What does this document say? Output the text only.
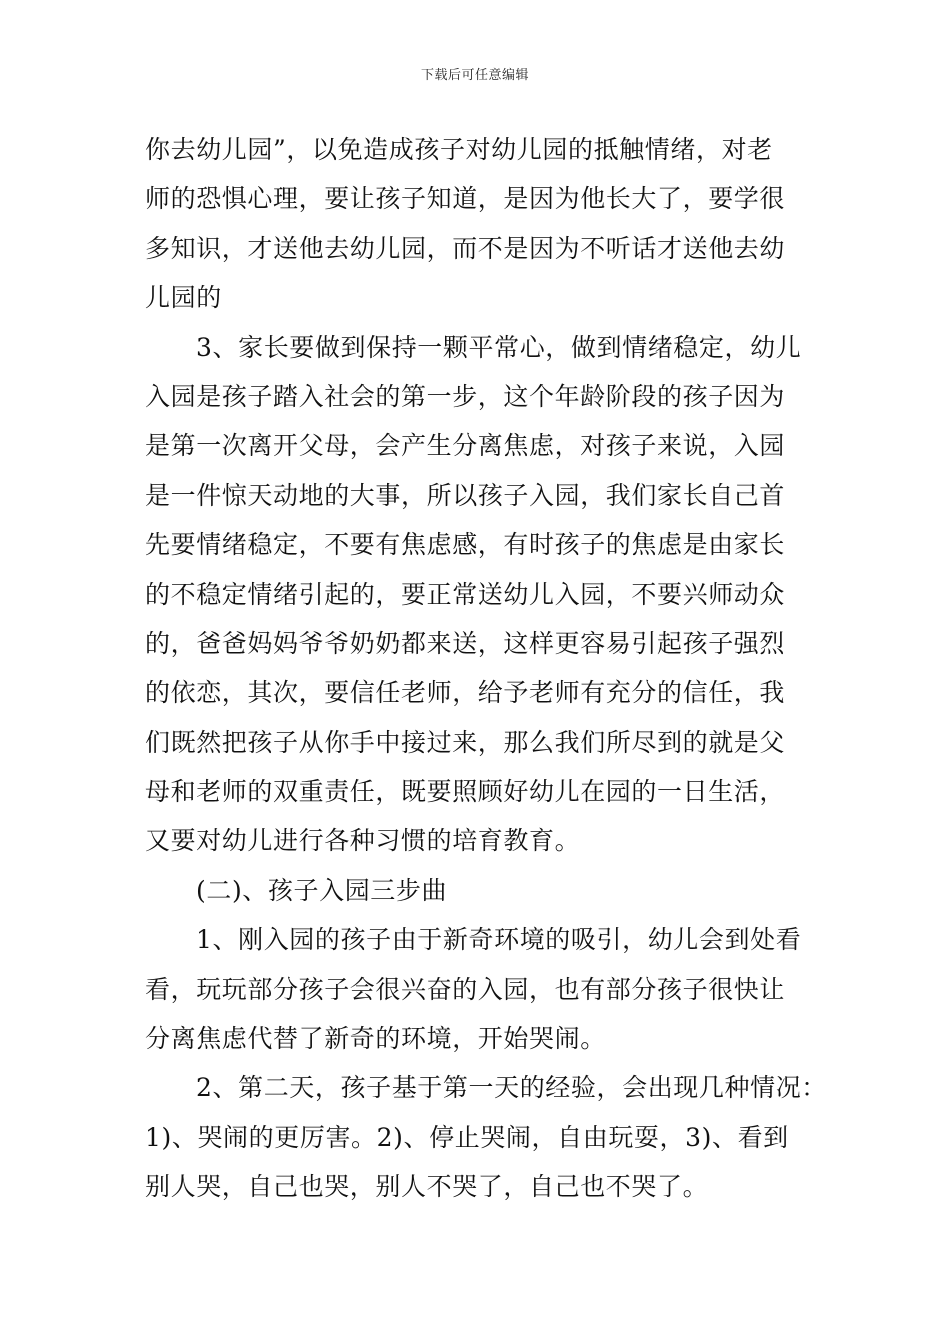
下载后可任意编辑
你去幼儿园”，以免造成孩子对幼儿园的抵触情绪，对老
师的恐惧心理，要让孩子知道，是因为他长大了，要学很
多知识，才送他去幼儿园，而不是因为不听话才送他去幼
儿园的
3、家长要做到保持一颗平常心，做到情绪稳定，幼儿
入园是孩子踏入社会的第一步，这个年龄阶段的孩子因为
是第一次离开父母，会产生分离焦虑，对孩子来说，入园
是一件惊天动地的大事，所以孩子入园，我们家长自己首
先要情绪稳定，不要有焦虑感，有时孩子的焦虑是由家长
的不稳定情绪引起的，要正常送幼儿入园，不要兴师动众
的，爸爸妈妈爷爷奶奶都来送，这样更容易引起孩子强烈
的依恋，其次，要信任老师，给予老师有充分的信任，我
们既然把孩子从你手中接过来，那么我们所尽到的就是父
母和老师的双重责任，既要照顾好幼儿在园的一日生活，
又要对幼儿进行各种习惯的培育教育。
(二)、孩子入园三步曲
1、刚入园的孩子由于新奇环境的吸引，幼儿会到处看
看，玩玩部分孩子会很兴奋的入园，也有部分孩子很快让
分离焦虑代替了新奇的环境，开始哭闹。
2、第二天，孩子基于第一天的经验，会出现几种情况：
1)、哭闹的更厉害。2)、停止哭闹，自由玩耍，3)、看到
别人哭，自己也哭，别人不哭了，自己也不哭了。
